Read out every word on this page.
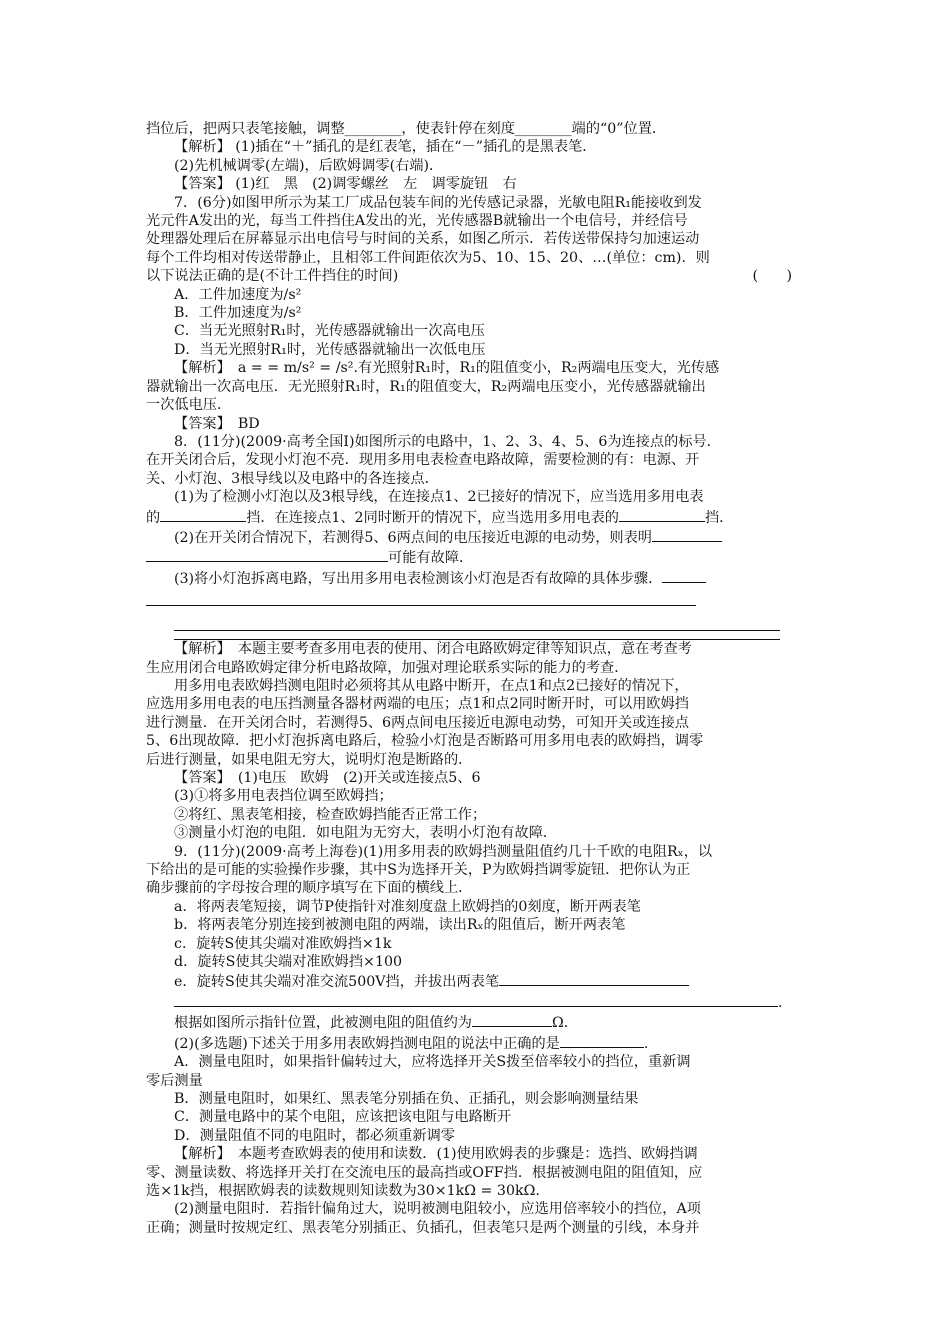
挡位后，把两只表笔接触，调整________，使表针停在刻度________端的“0”位置．

【解析】 (1)插在“＋”插孔的是红表笔，插在“－”插孔的是黑表笔．

(2)先机械调零(左端)，后欧姆调零(右端)．

【答案】 (1)红　黑　(2)调零螺丝　左　调零旋钮　右

7．(6分)如图甲所示为某工厂成品包装车间的光传感记录器，光敏电阻R₁能接收到发

光元件A发出的光，每当工件挡住A发出的光，光传感器B就输出一个电信号，并经信号

处理器处理后在屏幕显示出电信号与时间的关系，如图乙所示．若传送带保持匀加速运动

每个工件均相对传送带静止，且相邻工件间距依次为5、10、15、20、…(单位：cm)．则

以下说法正确的是(不计工件挡住的时间)	(　　)

A．工件加速度为/s²

B．工件加速度为/s²

C．当无光照射R₁时，光传感器就输出一次高电压

D．当无光照射R₁时，光传感器就输出一次低电压

【解析】　a = = m/s² = /s².有光照射R₁时，R₁的阻值变小，R₂两端电压变大，光传感

器就输出一次高电压．无光照射R₁时，R₁的阻值变大，R₂两端电压变小，光传感器就输出

一次低电压．

【答案】　BD

8．(11分)(2009·高考全国Ⅰ)如图所示的电路中，1、2、3、4、5、6为连接点的标号．

在开关闭合后，发现小灯泡不亮．现用多用电表检查电路故障，需要检测的有：电源、开

关、小灯泡、3根导线以及电路中的各连接点．

(1)为了检测小灯泡以及3根导线，在连接点1、2已接好的情况下，应当选用多用电表

的	挡．在连接点1、2同时断开的情况下，应当选用多用电表的	挡．

(2)在开关闭合情况下，若测得5、6两点间的电压接近电源的电动势，则表明

可能有故障．

(3)将小灯泡拆离电路，写出用多用电表检测该小灯泡是否有故障的具体步骤．

【解析】　本题主要考查多用电表的使用、闭合电路欧姆定律等知识点，意在考查考

生应用闭合电路欧姆定律分析电路故障，加强对理论联系实际的能力的考查．

用多用电表欧姆挡测电阻时必须将其从电路中断开，在点1和点2已接好的情况下，

应选用多用电表的电压挡测量各器材两端的电压；点1和点2同时断开时，可以用欧姆挡

进行测量．在开关闭合时，若测得5、6两点间电压接近电源电动势，可知开关或连接点

5、6出现故障．把小灯泡拆离电路后，检验小灯泡是否断路可用多用电表的欧姆挡，调零

后进行测量，如果电阻无穷大，说明灯泡是断路的．

【答案】　(1)电压　欧姆　(2)开关或连接点5、6

(3)①将多用电表挡位调至欧姆挡；

②将红、黑表笔相接，检查欧姆挡能否正常工作；

③测量小灯泡的电阻．如电阻为无穷大，表明小灯泡有故障．

9．(11分)(2009·高考上海卷)(1)用多用表的欧姆挡测量阻值约几十千欧的电阻Rₓ，以

下给出的是可能的实验操作步骤，其中S为选择开关，P为欧姆挡调零旋钮．把你认为正

确步骤前的字母按合理的顺序填写在下面的横线上．

a．将两表笔短接，调节P使指针对准刻度盘上欧姆挡的0刻度，断开两表笔

b．将两表笔分别连接到被测电阻的两端，读出Rₓ的阻值后，断开两表笔

c．旋转S使其尖端对准欧姆挡×1k

d．旋转S使其尖端对准欧姆挡×100

e．旋转S使其尖端对准交流500V挡，并拔出两表笔

.

根据如图所示指针位置，此被测电阻的阻值约为	Ω.

(2)(多选题)下述关于用多用表欧姆挡测电阻的说法中正确的是	.

A．测量电阻时，如果指针偏转过大，应将选择开关S拨至倍率较小的挡位，重新调

零后测量

B．测量电阻时，如果红、黑表笔分别插在负、正插孔，则会影响测量结果

C．测量电路中的某个电阻，应该把该电阻与电路断开

D．测量阻值不同的电阻时，都必须重新调零

【解析】　本题考查欧姆表的使用和读数．(1)使用欧姆表的步骤是：选挡、欧姆挡调

零、测量读数、将选择开关打在交流电压的最高挡或OFF挡．根据被测电阻的阻值知，应

选×1k挡，根据欧姆表的读数规则知读数为30×1kΩ = 30kΩ.

(2)测量电阻时．若指针偏角过大，说明被测电阻较小，应选用倍率较小的挡位，A项

正确；测量时按规定红、黑表笔分别插正、负插孔，但表笔只是两个测量的引线，本身并
